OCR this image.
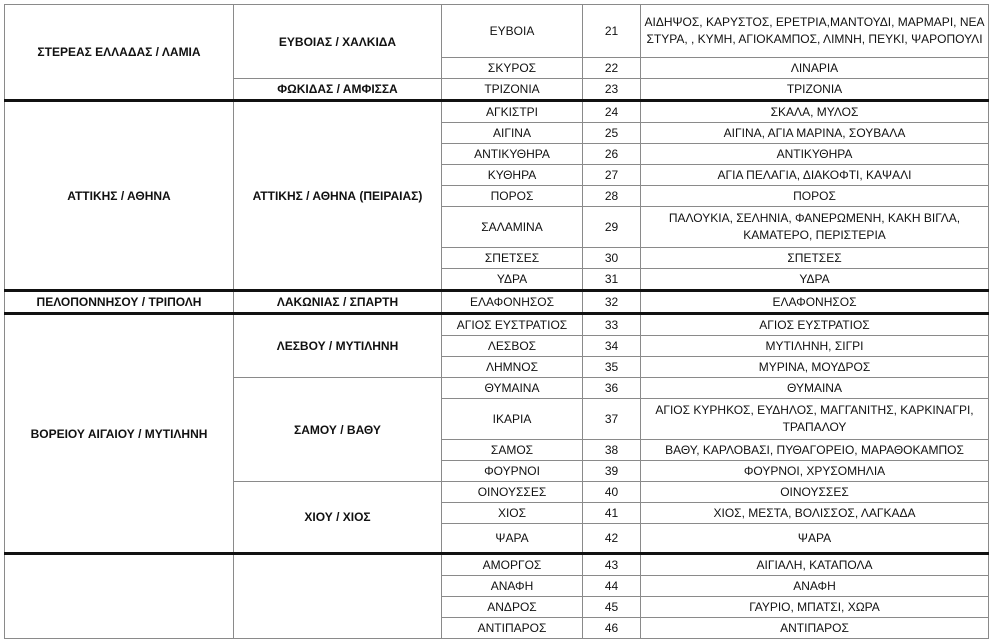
ΣΤΕΡΕΑΣ ΕΛΛΑΔΑΣ / ΛΑΜΙΑ	ΕΥΒΟΙΑΣ / ΧΑΛΚΙΔΑ	ΕΥΒΟΙΑ	21	ΑΙΔΗΨΟΣ, ΚΑΡΥΣΤΟΣ, ΕΡΕΤΡΙΑ,ΜΑΝΤΟΥΔΙ, ΜΑΡΜΑΡΙ, ΝΕΑ ΣΤΥΡΑ, , ΚΥΜΗ, ΑΓΙΟΚΑΜΠΟΣ, ΛΙΜΝΗ, ΠΕΥΚΙ, ΨΑΡΟΠΟΥΛΙ
		ΣΚΥΡΟΣ	22	ΛΙΝΑΡΙΑ
	ΦΩΚΙΔΑΣ / ΑΜΦΙΣΣΑ	ΤΡΙΖΟΝΙΑ	23	ΤΡΙΖΟΝΙΑ
ΑΤΤΙΚΗΣ / ΑΘΗΝΑ	ΑΤΤΙΚΗΣ / ΑΘΗΝΑ (ΠΕΙΡΑΙΑΣ)	ΑΓΚΙΣΤΡΙ	24	ΣΚΑΛΑ, ΜΥΛΟΣ
		ΑΙΓΙΝΑ	25	ΑΙΓΙΝΑ, ΑΓΙΑ ΜΑΡΙΝΑ, ΣΟΥΒΑΛΑ
		ΑΝΤΙΚΥΘΗΡΑ	26	ΑΝΤΙΚΥΘΗΡΑ
		ΚΥΘΗΡΑ	27	ΑΓΙΑ ΠΕΛΑΓΙΑ, ΔΙΑΚΟΦΤΙ, ΚΑΨΑΛΙ
		ΠΟΡΟΣ	28	ΠΟΡΟΣ
		ΣΑΛΑΜΙΝΑ	29	ΠΑΛΟΥΚΙΑ, ΣΕΛΗΝΙΑ, ΦΑΝΕΡΩΜΕΝΗ, ΚΑΚΗ ΒΙΓΛΑ, ΚΑΜΑΤΕΡΟ, ΠΕΡΙΣΤΕΡΙΑ
		ΣΠΕΤΣΕΣ	30	ΣΠΕΤΣΕΣ
		ΥΔΡΑ	31	ΥΔΡΑ
ΠΕΛΟΠΟΝΝΗΣΟΥ / ΤΡΙΠΟΛΗ	ΛΑΚΩΝΙΑΣ / ΣΠΑΡΤΗ	ΕΛΑΦΟΝΗΣΟΣ	32	ΕΛΑΦΟΝΗΣΟΣ
ΒΟΡΕΙΟΥ ΑΙΓΑΙΟΥ / ΜΥΤΙΛΗΝΗ	ΛΕΣΒΟΥ / ΜΥΤΙΛΗΝΗ	ΑΓΙΟΣ ΕΥΣΤΡΑΤΙΟΣ	33	ΑΓΙΟΣ ΕΥΣΤΡΑΤΙΟΣ
		ΛΕΣΒΟΣ	34	ΜΥΤΙΛΗΝΗ, ΣΙΓΡΙ
		ΛΗΜΝΟΣ	35	ΜΥΡΙΝΑ, ΜΟΥΔΡΟΣ
	ΣΑΜΟΥ / ΒΑΘΥ	ΘΥΜΑΙΝΑ	36	ΘΥΜΑΙΝΑ
		ΙΚΑΡΙΑ	37	ΑΓΙΟΣ ΚΥΡΗΚΟΣ, ΕΥΔΗΛΟΣ, ΜΑΓΓΑΝΙΤΗΣ, ΚΑΡΚΙΝΑΓΡΙ, ΤΡΑΠΑΛΟΥ
		ΣΑΜΟΣ	38	ΒΑΘΥ, ΚΑΡΛΟΒΑΣΙ, ΠΥΘΑΓΟΡΕΙΟ, ΜΑΡΑΘΟΚΑΜΠΟΣ
		ΦΟΥΡΝΟΙ	39	ΦΟΥΡΝΟΙ, ΧΡΥΣΟΜΗΛΙΑ
	ΧΙΟΥ / ΧΙΟΣ	ΟΙΝΟΥΣΣΕΣ	40	ΟΙΝΟΥΣΣΕΣ
		ΧΙΟΣ	41	ΧΙΟΣ, ΜΕΣΤΑ, ΒΟΛΙΣΣΟΣ, ΛΑΓΚΑΔΑ
		ΨΑΡΑ	42	ΨΑΡΑ
		ΑΜΟΡΓΟΣ	43	ΑΙΓΙΑΛΗ, ΚΑΤΑΠΟΛΑ
		ΑΝΑΦΗ	44	ΑΝΑΦΗ
		ΑΝΔΡΟΣ	45	ΓΑΥΡΙΟ, ΜΠΑΤΣΙ, ΧΩΡΑ
		ΑΝΤΙΠΑΡΟΣ	46	ΑΝΤΙΠΑΡΟΣ
